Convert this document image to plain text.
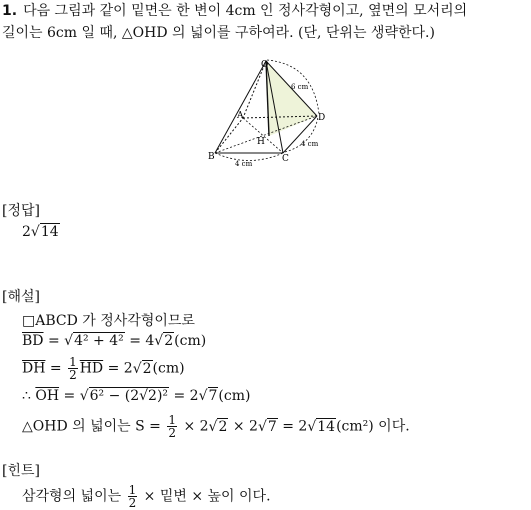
1. 다음 그림과 같이 밑면은 한 변이 4cm 인 정사각형이고, 옆면의 모서리의
길이는 6cm 일 때, △OHD 의 넓이를 구하여라. (단, 단위는 생략한다.)
O
A
H
B	C
D
6 cm
4 cm
4 cm
[정답]
2√14
[해설]
□ABCD 가 정사각형이므로
$\overline{BD} = √4^2 + 4^2 = 4√2(cm)$
$\overline{DH} = \frac{1}{2} \overline{HD} = 2√2(cm)$
∴ $\overline{OH} = √6^2 - (2√2)^2 = 2√7(cm)$
△OHD 의 넓이는 $S = \frac{1}{2} \times 2√2 \times 2√7 = 2√14(cm^2)$ 이다.
[힌트]
삼각형의 넓이는 $\frac{1}{2}$ × 밑변 × 높이 이다.
